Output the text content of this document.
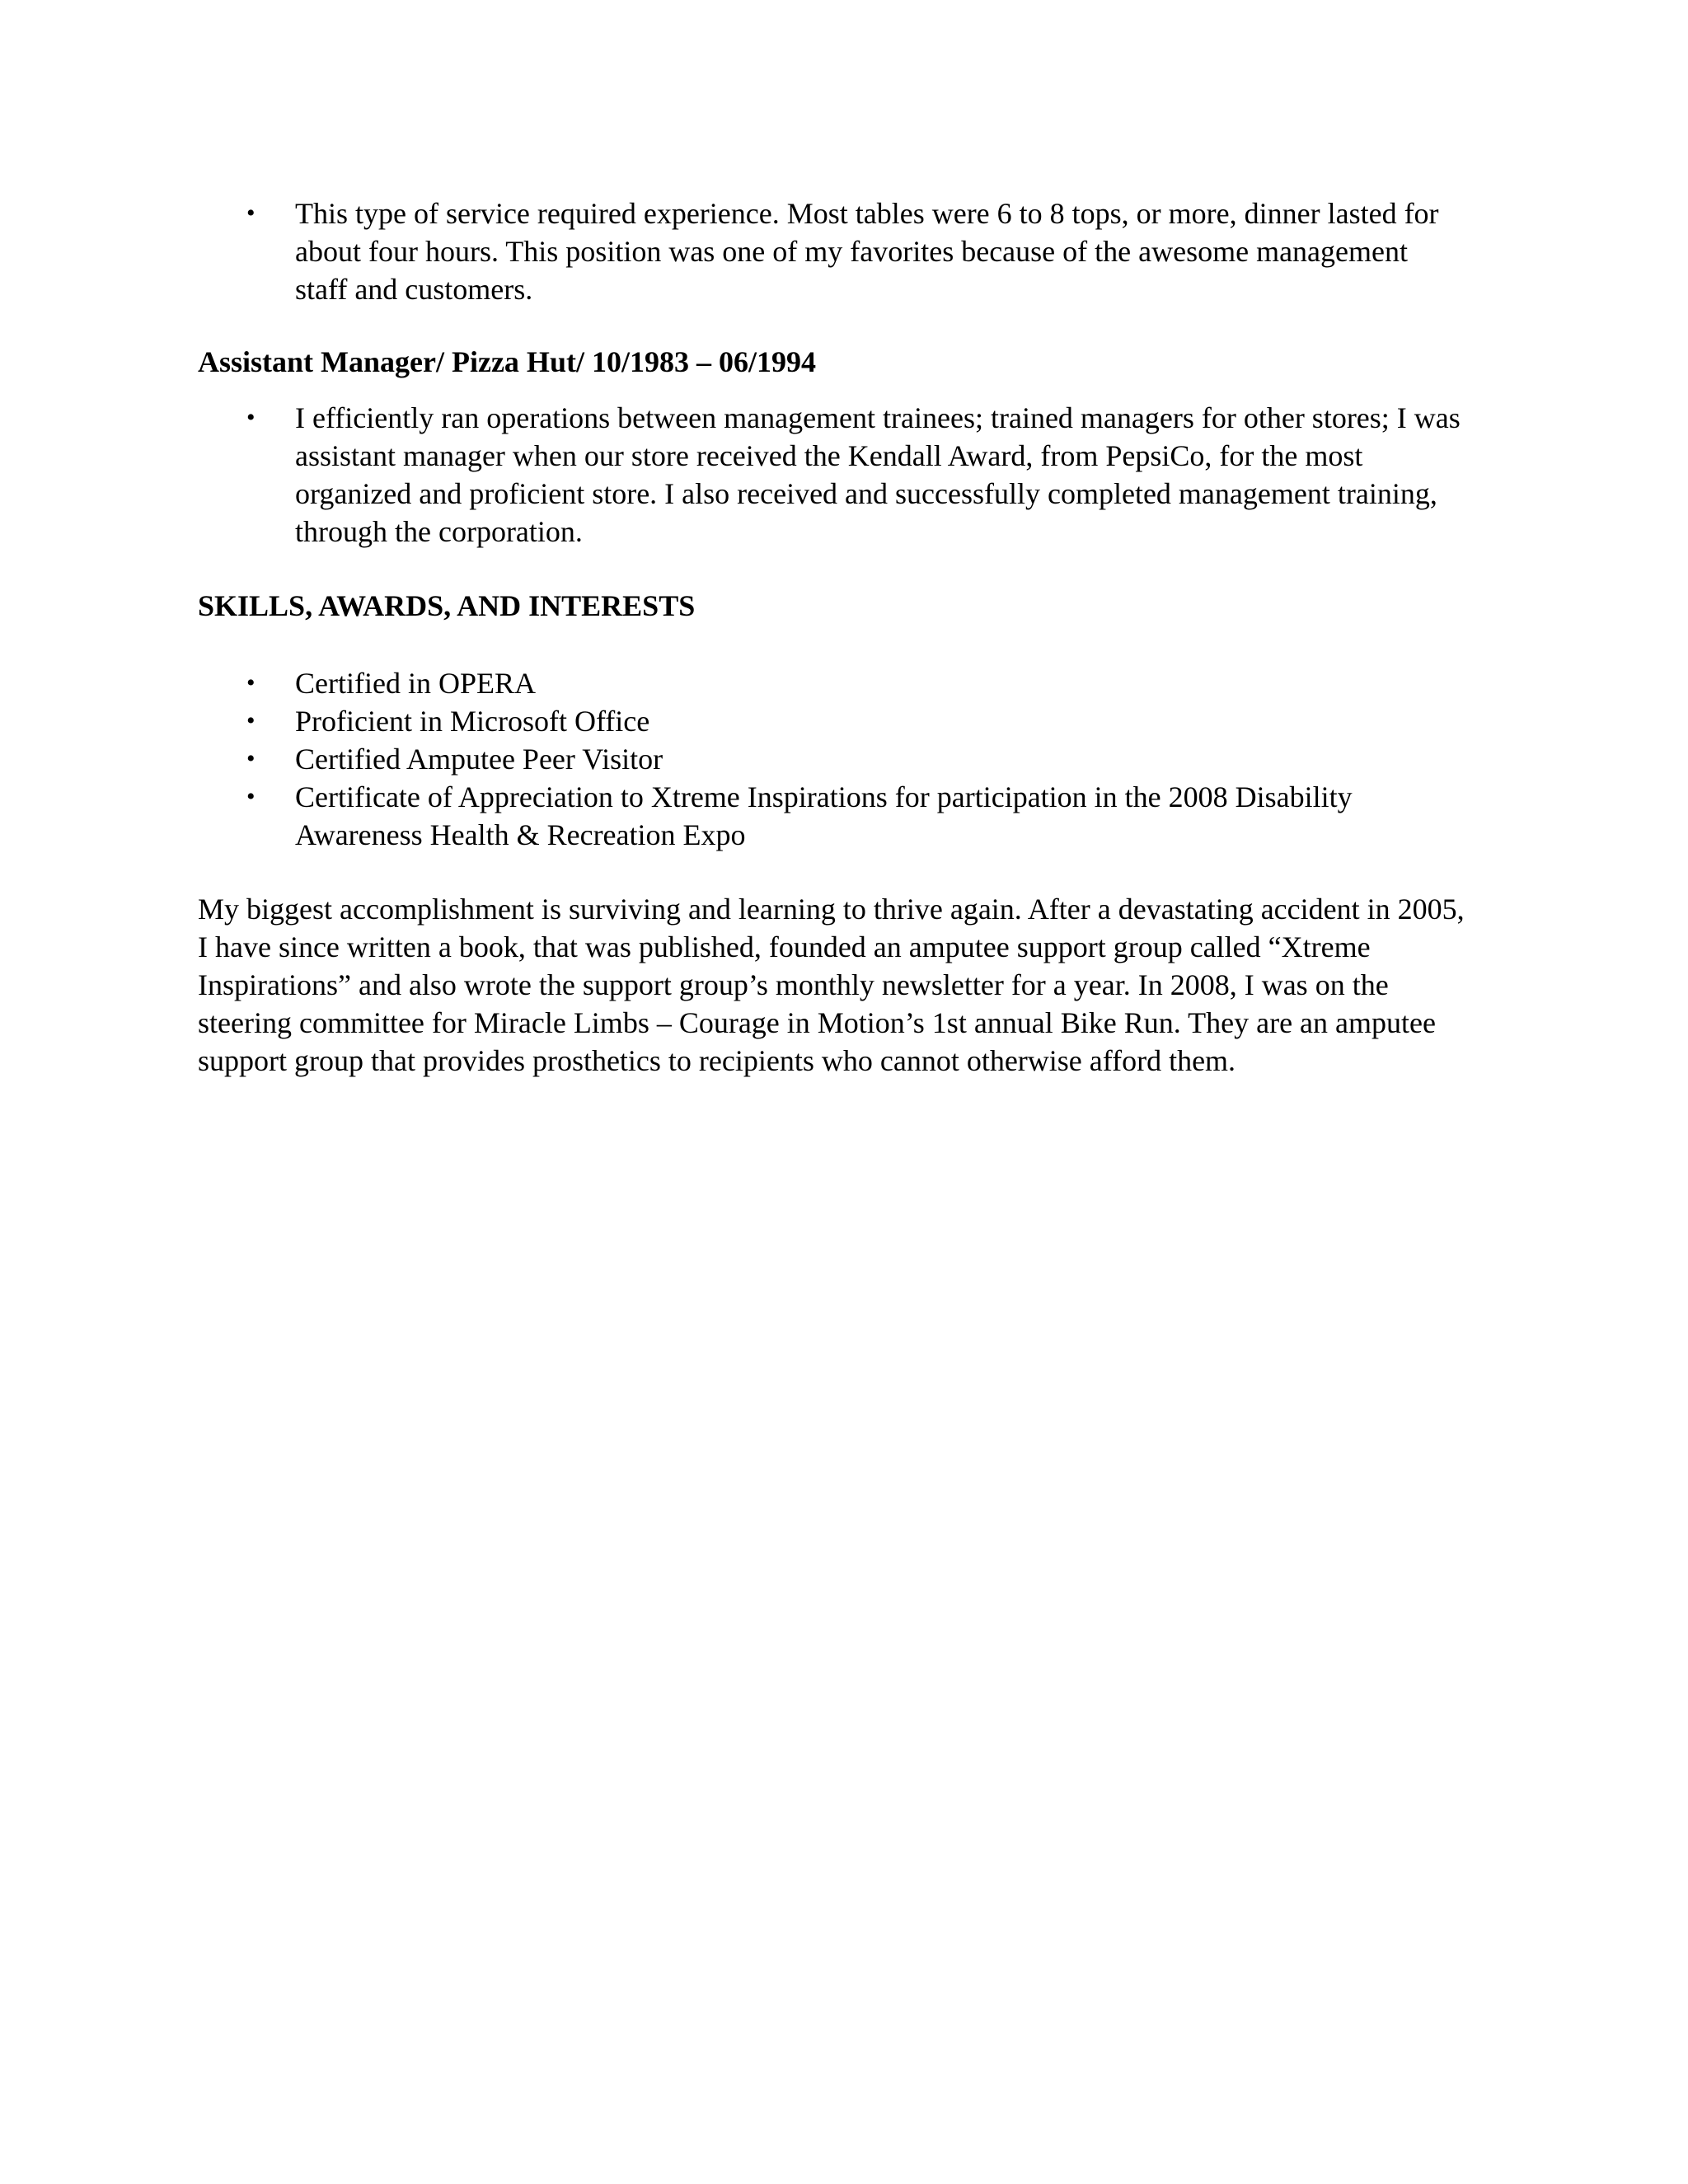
• This type of service required experience. Most tables were 6 to 8 tops, or more, dinner lasted for about four hours. This position was one of my favorites because of the awesome management staff and customers.
Assistant Manager/ Pizza Hut/ 10/1983 – 06/1994
• I efficiently ran operations between management trainees; trained managers for other stores; I was assistant manager when our store received the Kendall Award, from PepsiCo, for the most organized and proficient store. I also received and successfully completed management training, through the corporation.
SKILLS, AWARDS, AND INTERESTS
• Certified in OPERA
• Proficient in Microsoft Office
• Certified Amputee Peer Visitor
• Certificate of Appreciation to Xtreme Inspirations for participation in the 2008 Disability Awareness Health & Recreation Expo

My biggest accomplishment is surviving and learning to thrive again. After a devastating accident in 2005, I have since written a book, that was published, founded an amputee support group called “Xtreme Inspirations” and also wrote the support group’s monthly newsletter for a year. In 2008, I was on the steering committee for Miracle Limbs – Courage in Motion’s 1st annual Bike Run. They are an amputee support group that provides prosthetics to recipients who cannot otherwise afford them.
